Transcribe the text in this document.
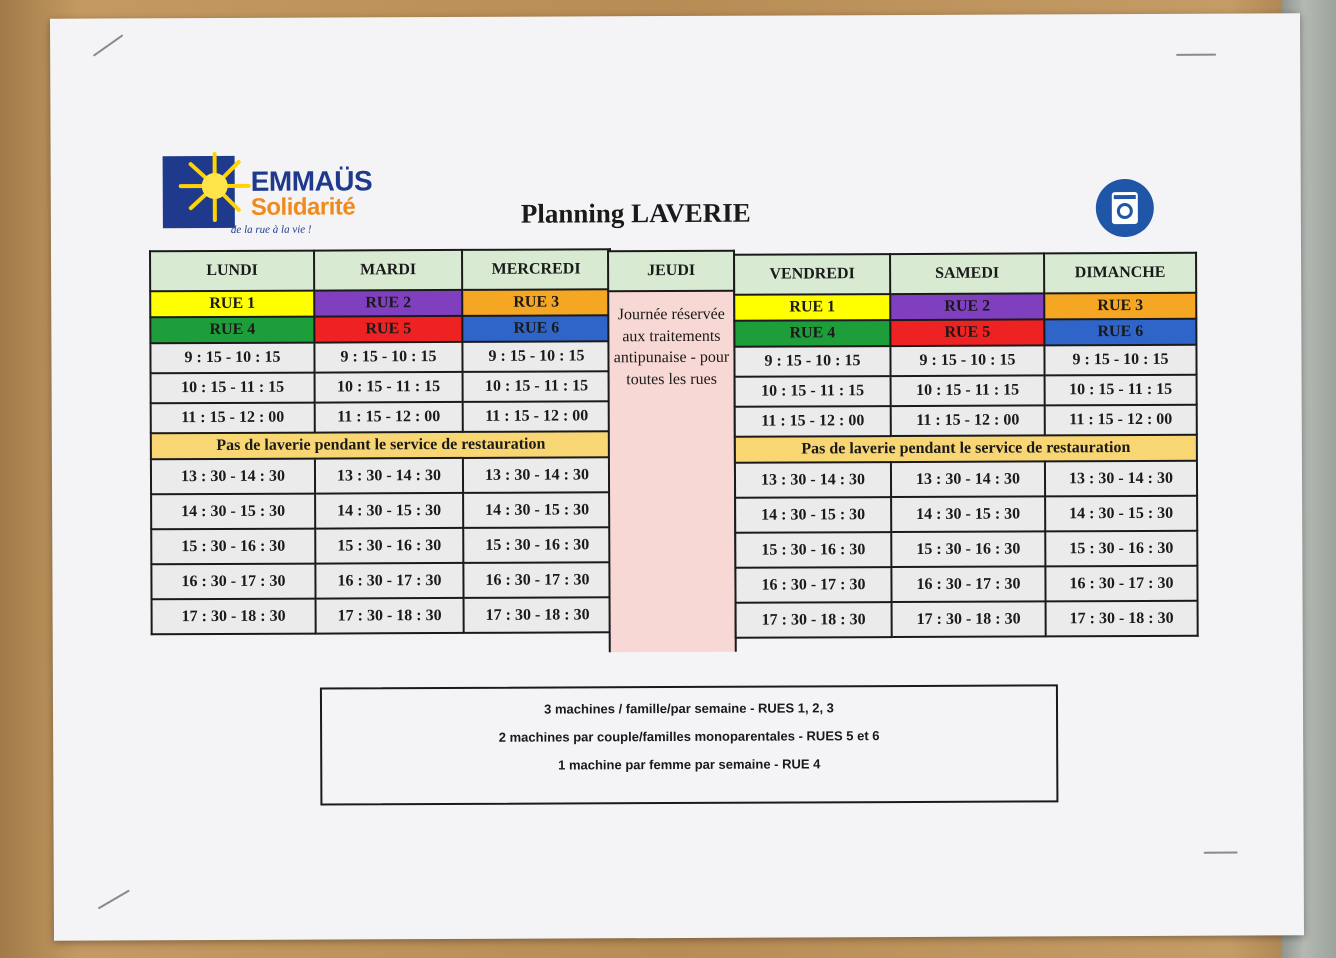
EMMAÜS
Solidarité
de la rue à la vie !
Planning LAVERIE
LUNDI	MARDI	MERCREDI
RUE 1	RUE 2	RUE 3
RUE 4	RUE 5	RUE 6
9 : 15 - 10 : 15	9 : 15 - 10 : 15	9 : 15 - 10 : 15
10 : 15 - 11 : 15	10 : 15 - 11 : 15	10 : 15 - 11 : 15
11 : 15 - 12 : 00	11 : 15 - 12 : 00	11 : 15 - 12 : 00
Pas de laverie pendant le service de restauration		
13 : 30 - 14 : 30	13 : 30 - 14 : 30	13 : 30 - 14 : 30
14 : 30 - 15 : 30	14 : 30 - 15 : 30	14 : 30 - 15 : 30
15 : 30 - 16 : 30	15 : 30 - 16 : 30	15 : 30 - 16 : 30
16 : 30 - 17 : 30	16 : 30 - 17 : 30	16 : 30 - 17 : 30
17 : 30 - 18 : 30	17 : 30 - 18 : 30	17 : 30 - 18 : 30
JEUDI

Journée réservée aux traitements antipunaise - pour toutes les rues
VENDREDI	SAMEDI	DIMANCHE
RUE 1	RUE 2	RUE 3
RUE 4	RUE 5	RUE 6
9 : 15 - 10 : 15	9 : 15 - 10 : 15	9 : 15 - 10 : 15
10 : 15 - 11 : 15	10 : 15 - 11 : 15	10 : 15 - 11 : 15
11 : 15 - 12 : 00	11 : 15 - 12 : 00	11 : 15 - 12 : 00
Pas de laverie pendant le service de restauration		
13 : 30 - 14 : 30	13 : 30 - 14 : 30	13 : 30 - 14 : 30
14 : 30 - 15 : 30	14 : 30 - 15 : 30	14 : 30 - 15 : 30
15 : 30 - 16 : 30	15 : 30 - 16 : 30	15 : 30 - 16 : 30
16 : 30 - 17 : 30	16 : 30 - 17 : 30	16 : 30 - 17 : 30
17 : 30 - 18 : 30	17 : 30 - 18 : 30	17 : 30 - 18 : 30
3 machines / famille/par semaine - RUES 1, 2, 3
2 machines par couple/familles monoparentales - RUES 5 et 6
1 machine par femme par semaine - RUE 4
